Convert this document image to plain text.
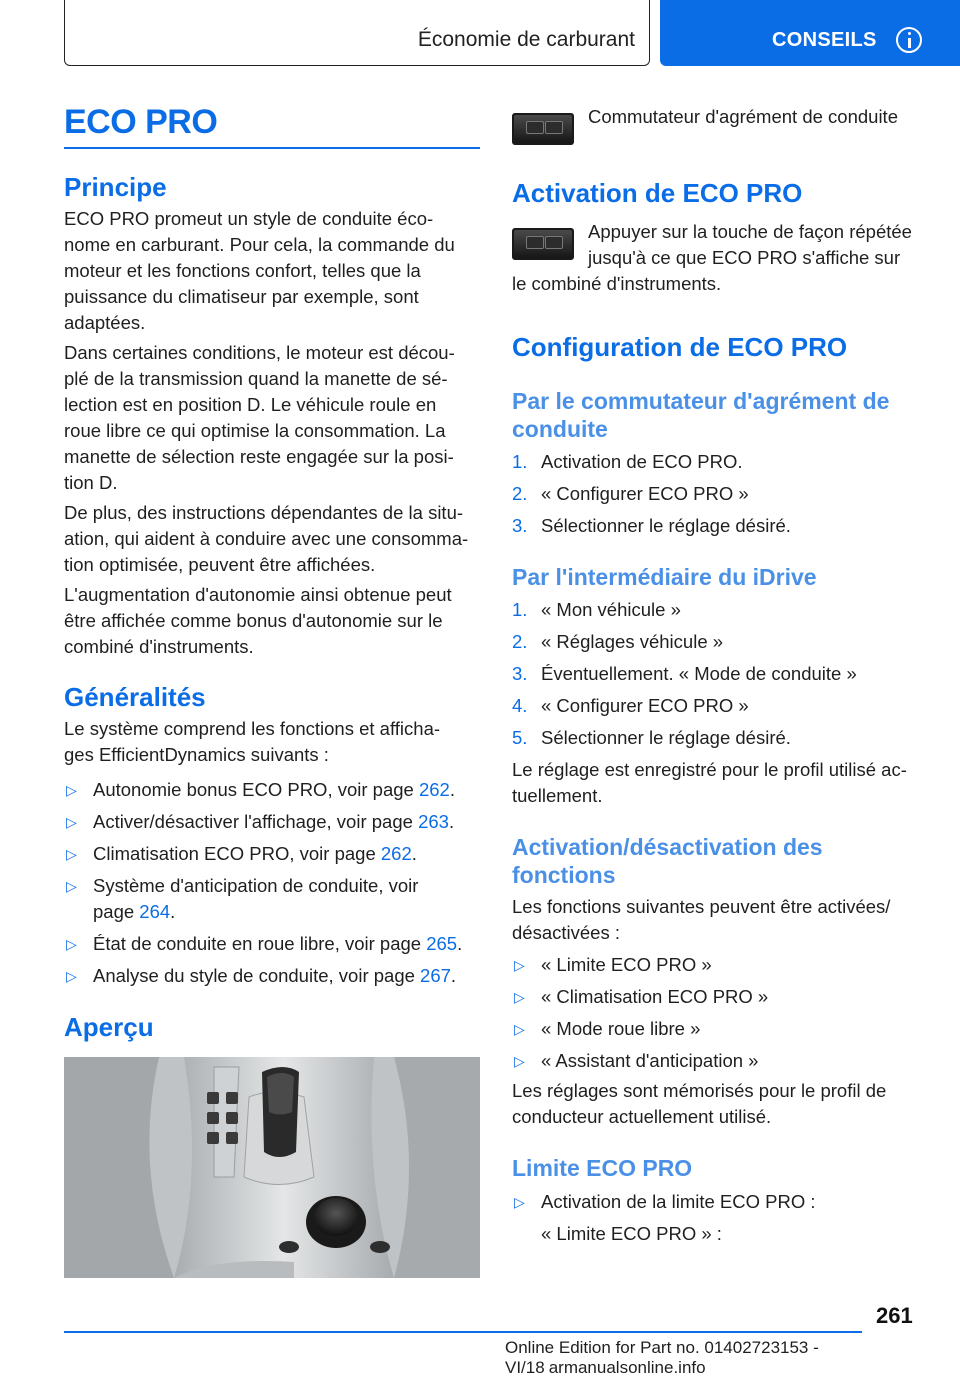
Économie de carburant	CONSEILS
ECO PRO
Principe
ECO PRO promeut un style de conduite éco-
nome en carburant. Pour cela, la commande du
moteur et les fonctions confort, telles que la
puissance du climatiseur par exemple, sont
adaptées.
Dans certaines conditions, le moteur est décou-
plé de la transmission quand la manette de sé-
lection est en position D. Le véhicule roule en
roue libre ce qui optimise la consommation. La
manette de sélection reste engagée sur la posi-
tion D.
De plus, des instructions dépendantes de la situ-
ation, qui aident à conduire avec une consomma-
tion optimisée, peuvent être affichées.
L'augmentation d'autonomie ainsi obtenue peut
être affichée comme bonus d'autonomie sur le
combiné d'instruments.
Généralités
Le système comprend les fonctions et afficha-
ges EfficientDynamics suivants :
▷ Autonomie bonus ECO PRO, voir page 262.
▷ Activer/désactiver l'affichage, voir page 263.
▷ Climatisation ECO PRO, voir page 262.
▷ Système d'anticipation de conduite, voir
page 264.
▷ État de conduite en roue libre, voir page 265.
▷ Analyse du style de conduite, voir page 267.
Aperçu
Commutateur d'agrément de conduite
Activation de ECO PRO
Appuyer sur la touche de façon répétée
jusqu'à ce que ECO PRO s'affiche sur
le combiné d'instruments.
Configuration de ECO PRO
Par le commutateur d'agrément de
conduite
1. Activation de ECO PRO.
2. « Configurer ECO PRO »
3. Sélectionner le réglage désiré.
Par l'intermédiaire du iDrive
1. « Mon véhicule »
2. « Réglages véhicule »
3. Éventuellement. « Mode de conduite »
4. « Configurer ECO PRO »
5. Sélectionner le réglage désiré.
Le réglage est enregistré pour le profil utilisé ac-
tuellement.
Activation/désactivation des
fonctions
Les fonctions suivantes peuvent être activées/
désactivées :
▷ « Limite ECO PRO »
▷ « Climatisation ECO PRO »
▷ « Mode roue libre »
▷ « Assistant d'anticipation »
Les réglages sont mémorisés pour le profil de
conducteur actuellement utilisé.
Limite ECO PRO
▷ Activation de la limite ECO PRO :
« Limite ECO PRO » :
261
Online Edition for Part no. 01402723153 - VI/18 armanualsonline.info
